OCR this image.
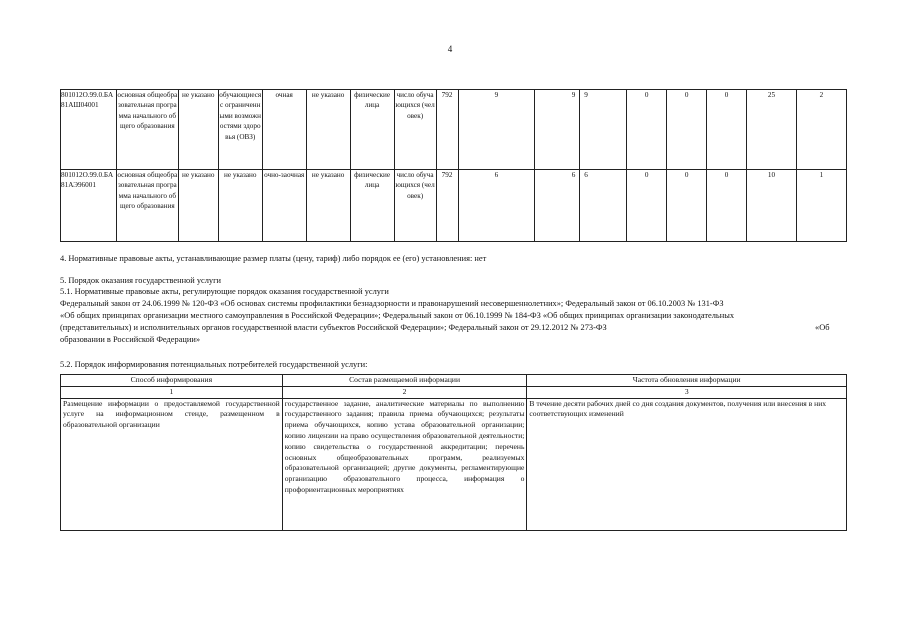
4
801012О.99.0.БА81АШ04001	основная общеобразовательная программа начального общего образования	не указано	обучающиеся с ограниченными возможностями здоровья (ОВЗ)	очная	не указано	физические лица	число обучающихся (человек)	792	9	9	9	0	0	0	25	2
801012О.99.0.БА81АЭ96001	основная общеобразовательная программа начального общего образования	не указано	не указано	очно-заочная	не указано	физические лица	число обучающихся (человек)	792	6	6	6	0	0	0	10	1
4. Нормативные правовые акты, устанавливающие размер платы (цену, тариф) либо порядок ее (его) установления: нет
5. Порядок оказания государственной услуги
5.1. Нормативные правовые акты, регулирующие порядок оказания государственной услуги
Федеральный закон от 24.06.1999 № 120-ФЗ «Об основах системы профилактики безнадзорности и правонарушений несовершеннолетних»; Федеральный закон от 06.10.2003 № 131-ФЗ
«Об общих принципах организации местного самоуправления в Российской Федерации»; Федеральный закон от 06.10.1999 № 184-ФЗ «Об общих принципах организации законодательных
(представительных) и исполнительных органов государственной власти субъектов Российской Федерации»; Федеральный закон от 29.12.2012 № 273-ФЗ	«Об
образовании в Российской Федерации»
5.2. Порядок информирования потенциальных потребителей государственной услуги:
Способ информирования	Состав размещаемой информации	Частота обновления информации
1	2	3
Размещение информации о предоставляемой государственной услуге на информационном стенде, размещенном в образовательной организации	государственное задание, аналитические материалы по выполнению государственного задания; правила приема обучающихся; результаты приема обучающихся, копию устава образовательной организации; копию лицензии на право осуществления образовательной деятельности; копию свидетельства о государственной аккредитации; перечень основных общеобразовательных программ, реализуемых образовательной организацией; другие документы, регламентирующие организацию образовательного процесса, информация о профориентационных мероприятиях	В течение десяти рабочих дней со дня создания документов, получения или внесения в них соответствующих изменений
